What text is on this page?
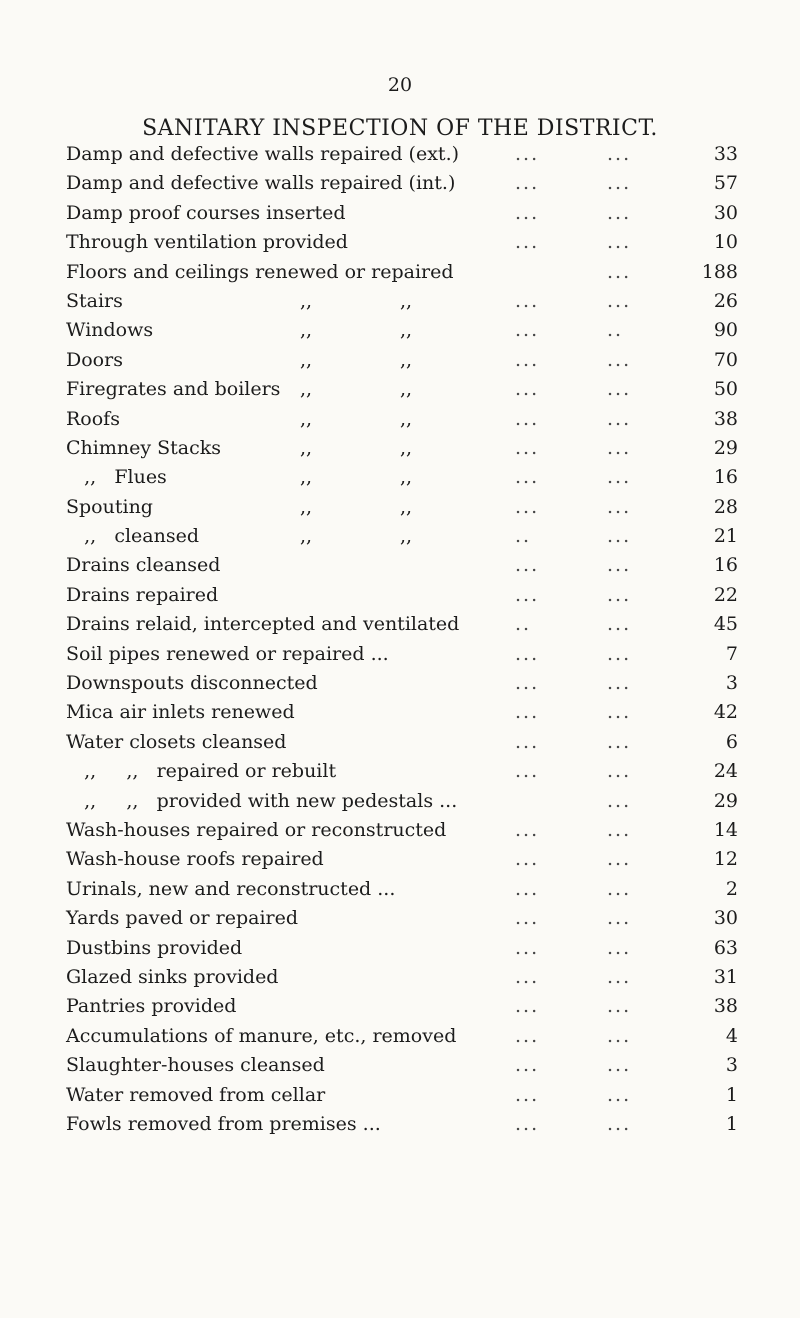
20
SANITARY INSPECTION OF THE DISTRICT.
Damp and defective walls repaired (ext.)	...	...	33
Damp and defective walls repaired (int.)	...	...	57
Damp proof courses inserted	...	...	30
Through ventilation provided	...	...	10
Floors and ceilings renewed or repaired	...	188
Stairs	,,	,,	...	...	26
Windows	,,	,,	...	..	90
Doors	,,	,,	...	...	70
Firegrates and boilers ,,	,,	...	...	50
Roofs	,,	,,	...	...	38
Chimney Stacks	,,	,,	...	...	29
,,   Flues	,,	,,	...	...	16
Spouting	,,	,,	...	...	28
,,   cleansed	,,	,,	..	...	21
Drains cleansed	...	...	16
Drains repaired	...	...	22
Drains relaid, intercepted and ventilated	..	...	45
Soil pipes renewed or repaired ...	...	...	7
Downspouts disconnected	...	...	3
Mica air inlets renewed	...	...	42
Water closets cleansed	...	...	6
,,     ,,   repaired or rebuilt	...	...	24
,,     ,,   provided with new pedestals ...	...	29
Wash-houses repaired or reconstructed	...	...	14
Wash-house roofs repaired	...	...	12
Urinals, new and reconstructed ...	...	...	2
Yards paved or repaired	...	...	30
Dustbins provided	...	...	63
Glazed sinks provided	...	...	31
Pantries provided	...	...	38
Accumulations of manure, etc., removed	...	...	4
Slaughter-houses cleansed	...	...	3
Water removed from cellar	...	...	1
Fowls removed from premises ...	...	...	1
